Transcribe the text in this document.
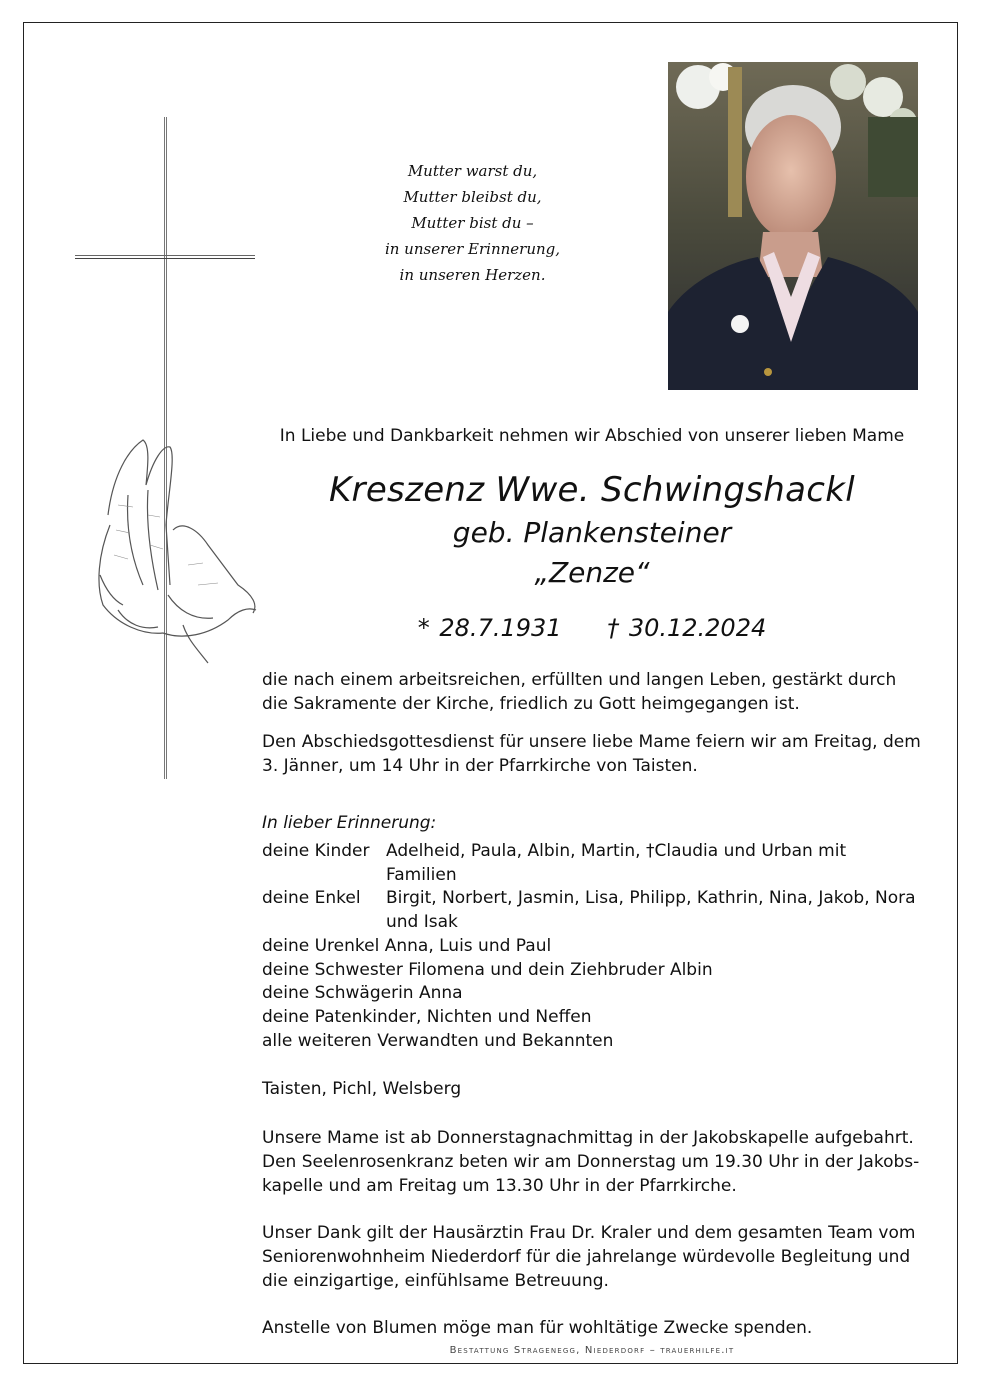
Mutter warst du,
Mutter bleibst du,
Mutter bist du –
in unserer Erinnerung,
in unseren Herzen.
In Liebe und Dankbarkeit nehmen wir Abschied von unserer lieben Mame
Kreszenz Wwe. Schwingshackl
geb. Plankensteiner
„Zenze“
* 28.7.1931 † 30.12.2024
die nach einem arbeitsreichen, erfüllten und langen Leben, gestärkt durch die Sakramente der Kirche, friedlich zu Gott heimgegangen ist.
Den Abschiedsgottesdienst für unsere liebe Mame feiern wir am Freitag, dem 3. Jänner, um 14 Uhr in der Pfarrkirche von Taisten.
In lieber Erinnerung:
deine Kinder Adelheid, Paula, Albin, Martin, †Claudia und Urban mit Familien
deine Enkel	Birgit, Norbert, Jasmin, Lisa, Philipp, Kathrin, Nina, Jakob, Nora und Isak
deine Urenkel Anna, Luis und Paul
deine Schwester Filomena und dein Ziehbruder Albin
deine Schwägerin Anna
deine Patenkinder, Nichten und Neffen
alle weiteren Verwandten und Bekannten
Taisten, Pichl, Welsberg
Unsere Mame ist ab Donnerstagnachmittag in der Jakobskapelle aufgebahrt. Den Seelenrosenkranz beten wir am Donnerstag um 19.30 Uhr in der Jakobskapelle und am Freitag um 13.30 Uhr in der Pfarrkirche.
Unser Dank gilt der Hausärztin Frau Dr. Kraler und dem gesamten Team vom Seniorenwohnheim Niederdorf für die jahrelange würdevolle Begleitung und die einzigartige, einfühlsame Betreuung.
Anstelle von Blumen möge man für wohltätige Zwecke spenden.
Bestattung Stragenegg, Niederdorf – trauerhilfe.it
